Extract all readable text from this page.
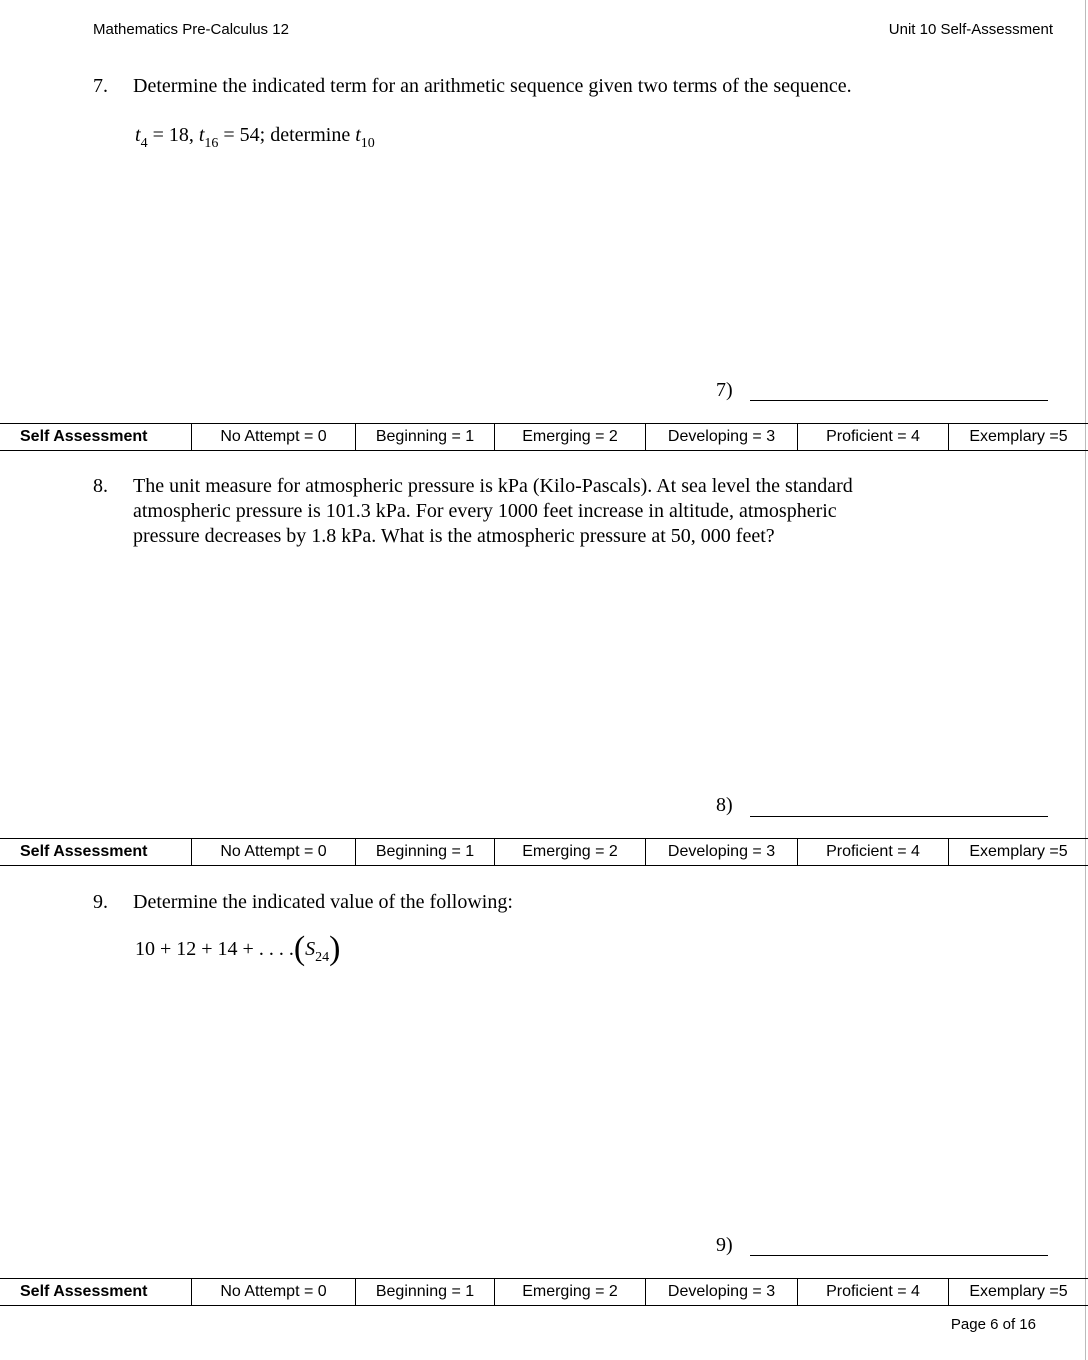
Mathematics Pre-Calculus 12	Unit 10 Self-Assessment
7. Determine the indicated term for an arithmetic sequence given two terms of the sequence.
$t_4 = 18$, $t_{16} = 54$; determine $t_{10}$
7)
Self Assessment	No Attempt = 0	Beginning = 1	Emerging = 2	Developing = 3	Proficient = 4	Exemplary =5
8. The unit measure for atmospheric pressure is kPa (Kilo-Pascals). At sea level the standard
atmospheric pressure is 101.3 kPa. For every 1000 feet increase in altitude, atmospheric
pressure decreases by 1.8 kPa. What is the atmospheric pressure at 50, 000 feet?
8)
Self Assessment	No Attempt = 0	Beginning = 1	Emerging = 2	Developing = 3	Proficient = 4	Exemplary =5
9. Determine the indicated value of the following:
10 + 12 + 14 + . . . $.(S_{24})$
9)
Self Assessment	No Attempt = 0	Beginning = 1	Emerging = 2	Developing = 3	Proficient = 4	Exemplary =5
Page 6 of 16
